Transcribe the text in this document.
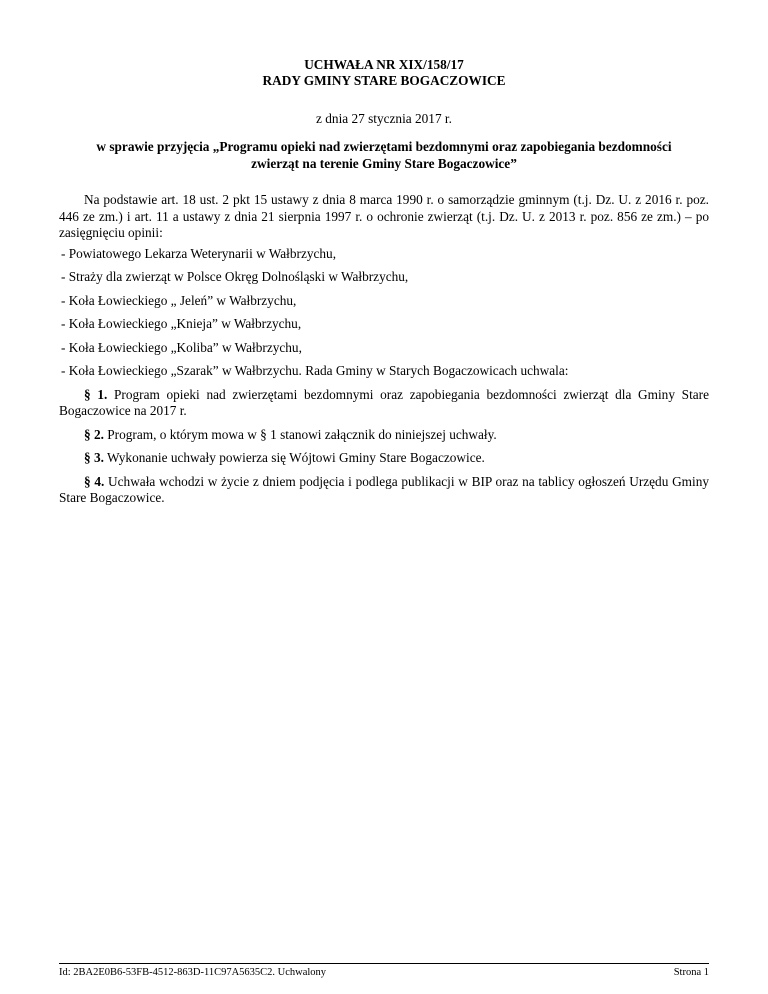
UCHWAŁA NR XIX/158/17
RADY GMINY STARE BOGACZOWICE
z dnia 27 stycznia 2017 r.
w sprawie przyjęcia „Programu opieki nad zwierzętami bezdomnymi oraz zapobiegania bezdomności
zwierząt na terenie Gminy Stare Bogaczowice”

Na podstawie art. 18 ust. 2 pkt 15 ustawy z dnia 8 marca 1990 r. o samorządzie gminnym (t.j. Dz. U. z 2016 r. poz. 446 ze zm.) i art. 11 a ustawy z dnia 21 sierpnia 1997 r. o ochronie zwierząt (t.j. Dz. U. z 2013 r. poz. 856 ze zm.) – po zasięgnięciu opinii:

- Powiatowego Lekarza Weterynarii w Wałbrzychu,

- Straży dla zwierząt w Polsce Okręg Dolnośląski w Wałbrzychu,

- Koła Łowieckiego „ Jeleń” w Wałbrzychu,

- Koła Łowieckiego „Knieja” w Wałbrzychu,

- Koła Łowieckiego „Koliba” w Wałbrzychu,

- Koła Łowieckiego „Szarak” w Wałbrzychu. Rada Gminy w Starych Bogaczowicach uchwala:

§ 1. Program opieki nad zwierzętami bezdomnymi oraz zapobiegania bezdomności zwierząt dla Gminy Stare Bogaczowice na 2017 r.

§ 2. Program, o którym mowa w § 1 stanowi załącznik do niniejszej uchwały.

§ 3. Wykonanie uchwały powierza się Wójtowi Gminy Stare Bogaczowice.

§ 4. Uchwała wchodzi w życie z dniem podjęcia i podlega publikacji w BIP oraz na tablicy ogłoszeń Urzędu Gminy Stare Bogaczowice.

Id: 2BA2E0B6-53FB-4512-863D-11C97A5635C2. Uchwalony	Strona 1
